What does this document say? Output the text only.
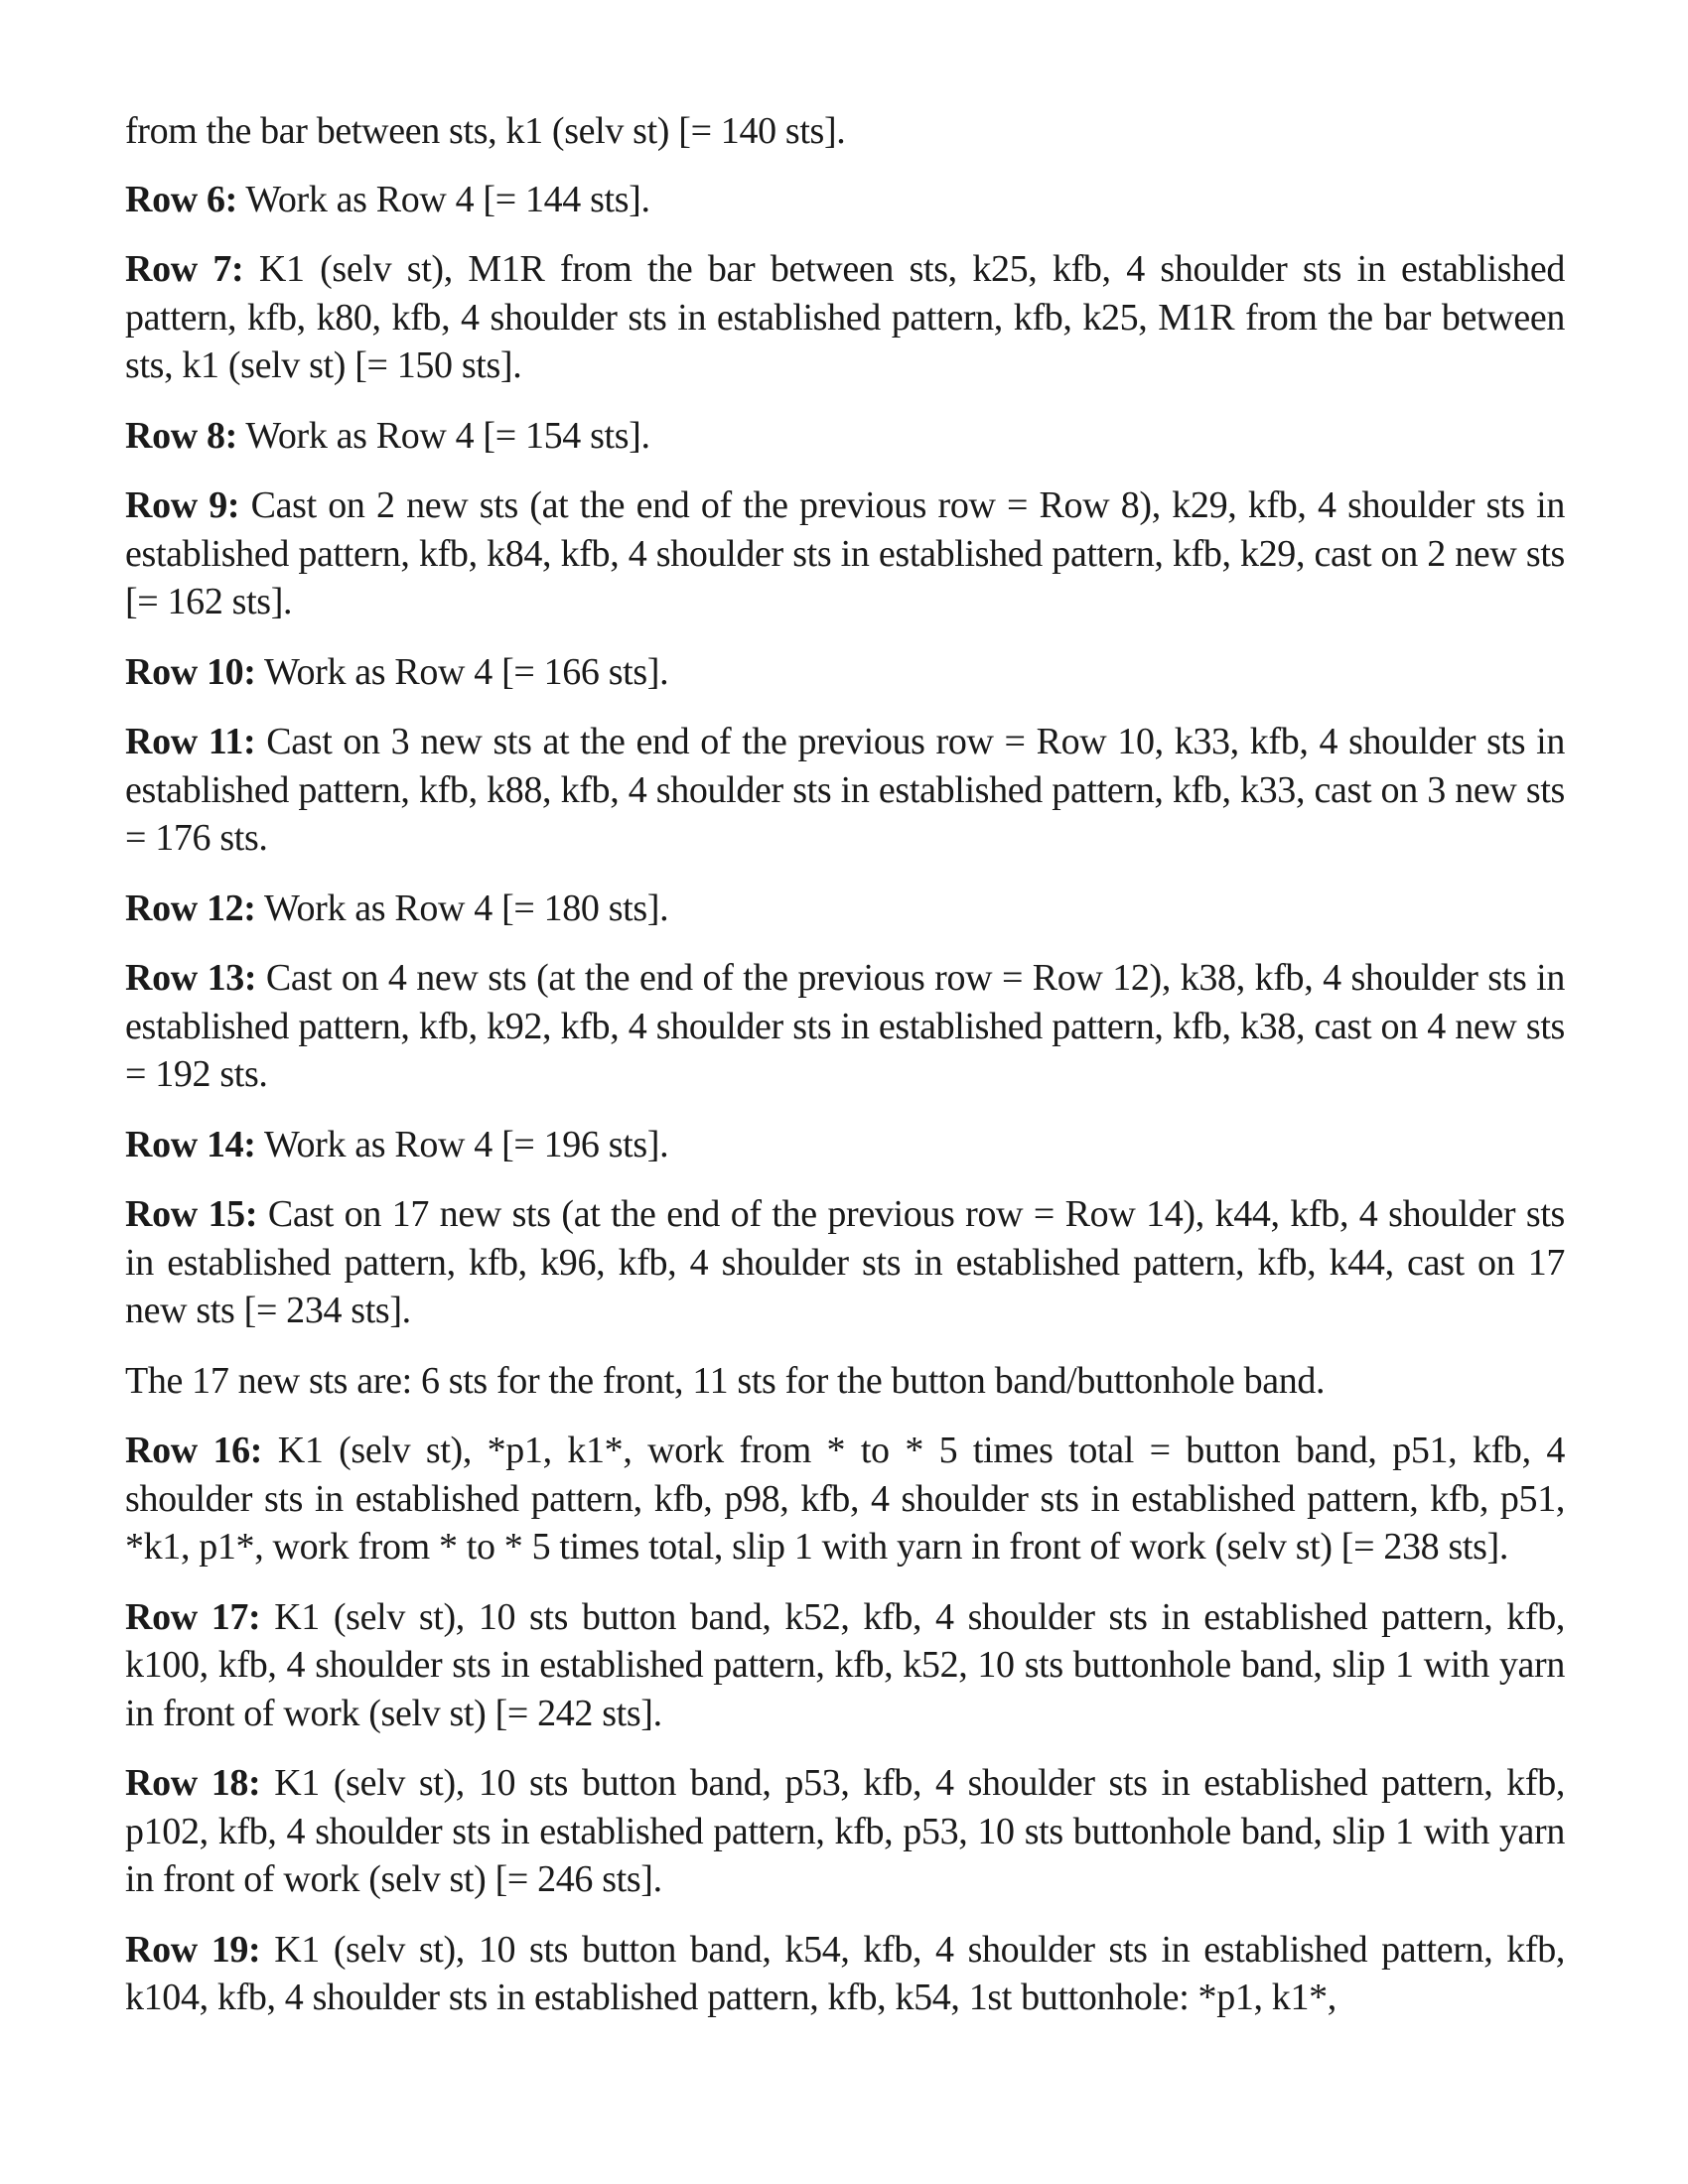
from the bar between sts, k1 (selv st) [= 140 sts].

Row 6: Work as Row 4 [= 144 sts].

Row 7: K1 (selv st), M1R from the bar between sts, k25, kfb, 4 shoulder sts in established pattern, kfb, k80, kfb, 4 shoulder sts in established pattern, kfb, k25, M1R from the bar between sts, k1 (selv st) [= 150 sts].

Row 8: Work as Row 4 [= 154 sts].

Row 9: Cast on 2 new sts (at the end of the previous row = Row 8), k29, kfb, 4 shoulder sts in established pattern, kfb, k84, kfb, 4 shoulder sts in established pattern, kfb, k29, cast on 2 new sts [= 162 sts].

Row 10: Work as Row 4 [= 166 sts].

Row 11: Cast on 3 new sts at the end of the previous row = Row 10, k33, kfb, 4 shoulder sts in established pattern, kfb, k88, kfb, 4 shoulder sts in established pattern, kfb, k33, cast on 3 new sts = 176 sts.

Row 12: Work as Row 4 [= 180 sts].

Row 13: Cast on 4 new sts (at the end of the previous row = Row 12), k38, kfb, 4 shoulder sts in established pattern, kfb, k92, kfb, 4 shoulder sts in established pattern, kfb, k38, cast on 4 new sts = 192 sts.

Row 14: Work as Row 4 [= 196 sts].

Row 15: Cast on 17 new sts (at the end of the previous row = Row 14), k44, kfb, 4 shoulder sts in established pattern, kfb, k96, kfb, 4 shoulder sts in established pattern, kfb, k44, cast on 17 new sts [= 234 sts].

The 17 new sts are: 6 sts for the front, 11 sts for the button band/buttonhole band.

Row 16: K1 (selv st), *p1, k1*, work from * to * 5 times total = button band, p51, kfb, 4 shoulder sts in established pattern, kfb, p98, kfb, 4 shoulder sts in established pattern, kfb, p51, *k1, p1*, work from * to * 5 times total, slip 1 with yarn in front of work (selv st) [= 238 sts].

Row 17: K1 (selv st), 10 sts button band, k52, kfb, 4 shoulder sts in established pattern, kfb, k100, kfb, 4 shoulder sts in established pattern, kfb, k52, 10 sts buttonhole band, slip 1 with yarn in front of work (selv st) [= 242 sts].

Row 18: K1 (selv st), 10 sts button band, p53, kfb, 4 shoulder sts in established pattern, kfb, p102, kfb, 4 shoulder sts in established pattern, kfb, p53, 10 sts buttonhole band, slip 1 with yarn in front of work (selv st) [= 246 sts].

Row 19: K1 (selv st), 10 sts button band, k54, kfb, 4 shoulder sts in established pattern, kfb, k104, kfb, 4 shoulder sts in established pattern, kfb, k54, 1st buttonhole: *p1, k1*,
